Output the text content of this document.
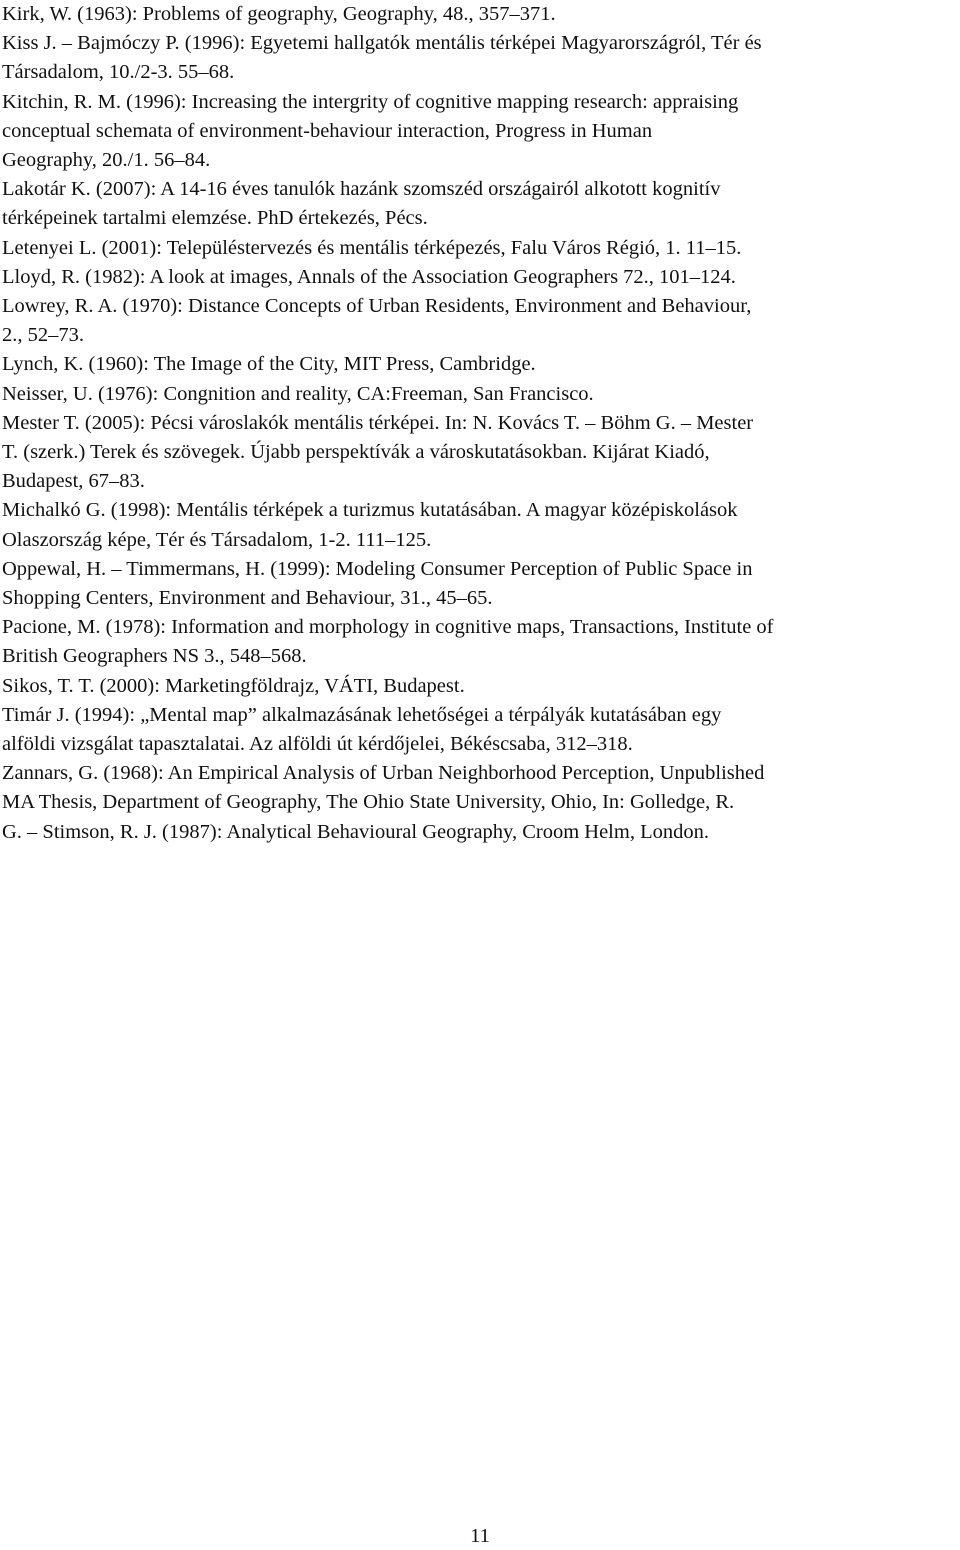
Kirk, W. (1963): Problems of geography, Geography, 48., 357–371.
Kiss J. – Bajmóczy P. (1996): Egyetemi hallgatók mentális térképei Magyarországról, Tér és
Társadalom, 10./2-3. 55–68.
Kitchin, R. M. (1996): Increasing the intergrity of cognitive mapping research: appraising
conceptual schemata of environment-behaviour interaction, Progress in Human
Geography, 20./1. 56–84.
Lakotár K. (2007): A 14-16 éves tanulók hazánk szomszéd országairól alkotott kognitív
térképeinek tartalmi elemzése. PhD értekezés, Pécs.
Letenyei L. (2001): Településtervezés és mentális térképezés, Falu Város Régió, 1. 11–15.
Lloyd, R. (1982): A look at images, Annals of the Association Geographers 72., 101–124.
Lowrey, R. A. (1970): Distance Concepts of Urban Residents, Environment and Behaviour,
2., 52–73.
Lynch, K. (1960): The Image of the City, MIT Press, Cambridge.
Neisser, U. (1976): Congnition and reality, CA:Freeman, San Francisco.
Mester T. (2005): Pécsi városlakók mentális térképei. In: N. Kovács T. – Böhm G. – Mester
T. (szerk.) Terek és szövegek. Újabb perspektívák a városkutatásokban. Kijárat Kiadó,
Budapest, 67–83.
Michalkó G. (1998): Mentális térképek a turizmus kutatásában. A magyar középiskolások
Olaszország képe, Tér és Társadalom, 1-2. 111–125.
Oppewal, H. – Timmermans, H. (1999): Modeling Consumer Perception of Public Space in
Shopping Centers, Environment and Behaviour, 31., 45–65.
Pacione, M. (1978): Information and morphology in cognitive maps, Transactions, Institute of
British Geographers NS 3., 548–568.
Sikos, T. T. (2000): Marketingföldrajz, VÁTI, Budapest.
Timár J. (1994): „Mental map” alkalmazásának lehetőségei a térpályák kutatásában egy
alföldi vizsgálat tapasztalatai. Az alföldi út kérdőjelei, Békéscsaba, 312–318.
Zannars, G. (1968): An Empirical Analysis of Urban Neighborhood Perception, Unpublished
MA Thesis, Department of Geography, The Ohio State University, Ohio, In: Golledge, R.
G. – Stimson, R. J. (1987): Analytical Behavioural Geography, Croom Helm, London.
11
